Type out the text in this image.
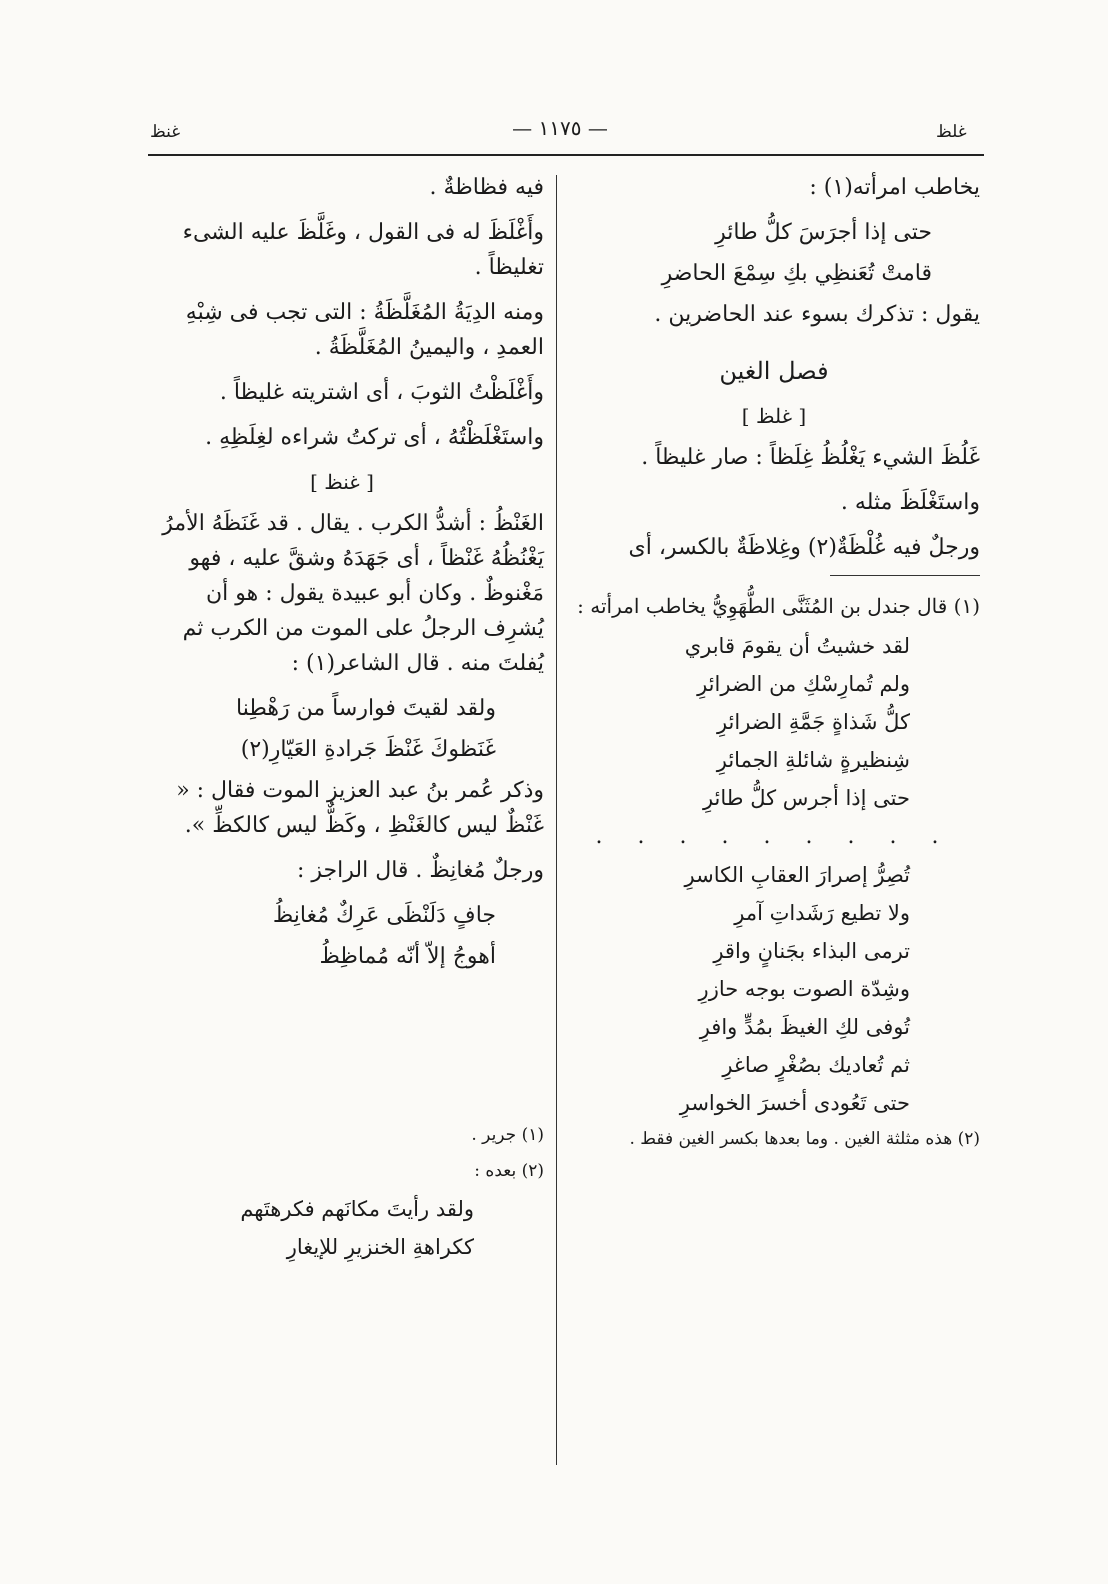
غلظ
— ١١٧٥ —
غنظ

يخاطب امرأته(١) :

حتى إذا أجرَسَ كلُّ طائرِ
قامتْ تُعَنظِي بكِ سِمْعَ الحاضرِ

يقول : تذكرك بسوء عند الحاضرين .

فصل الغين
[ غلظ ]

غَلُظَ الشيء يَغْلُظُ غِلَظاً : صار غليظاً .

واستَغْلَظَ مثله .

ورجلٌ فيه غُلْظَةٌ(٢) وغِلاظَةٌ بالكسر، أى

(١) قال جندل بن المُثَنَّى الطُّهَوِيُّ يخاطب امرأته :

لقد خشيتُ أن يقومَ قابري
ولم تُمارِسْكِ من الضرائرِ
كلُّ شَذاةٍ جَمَّةِ الضرائرِ
شِنظيرةٍ شائلةِ الجمائرِ
حتى إذا أجرس كلُّ طائرِ
. . . . . . . . .
تُصِرُّ إصرارَ العقابِ الكاسرِ
ولا تطيع رَشَداتِ آمرِ
ترمى البذاء بجَنانٍ واقرِ
وشِدّة الصوت بوجه حازرِ
تُوفى لكِ الغيظَ بمُدٍّ وافرِ
ثم تُعاديك بصُغْرٍ صاغرِ
حتى تَعُودى أخسرَ الخواسرِ

(٢) هذه مثلثة الغين . وما بعدها بكسر الغين فقط .

فيه فظاظةٌ .

وأَغْلَظَ له فى القول ، وغَلَّظَ عليه الشىء تغليظاً .

ومنه الدِيَةُ المُغَلَّظَةُ : التى تجب فى شِبْهِ العمدِ ، واليمينُ المُغَلَّظَةُ .

وأَغْلَظْتُ الثوبَ ، أى اشتريته غليظاً .

واستَغْلَظْتُهُ ، أى تركتُ شراءه لغِلَظِهِ .

[ غنظ ]

الغَنْظُ : أشدُّ الكرب . يقال . قد غَنَظَهُ الأمرُ يَغْنُظُهُ غَنْظاً ، أى جَهَدَهُ وشقَّ عليه ، فهو مَغْنوظٌ . وكان أبو عبيدة يقول : هو أن يُشرِف الرجلُ على الموت من الكرب ثم يُفلتَ منه . قال الشاعر(١) :

ولقد لقيتَ فوارساً من رَهْطِنا
غَنَظوكَ غَنْظَ جَرادةِ العَيّارِ(٢)

وذكر عُمر بنُ عبد العزيز الموت فقال : « غَنْظٌ ليس كالغَنْظِ ، وكَظٌّ ليس كالكظِّ ».

ورجلٌ مُغانِظٌ . قال الراجز :

جافٍ دَلَنْظَى عَرِكٌ مُغانِظُ
أهوجُ إلاّ أنّه مُماظِظُ

(١) جرير .

(٢) بعده :

ولقد رأيتَ مكانَهم فكرهتَهم
ككراهةِ الخنزيرِ للإيغارِ
